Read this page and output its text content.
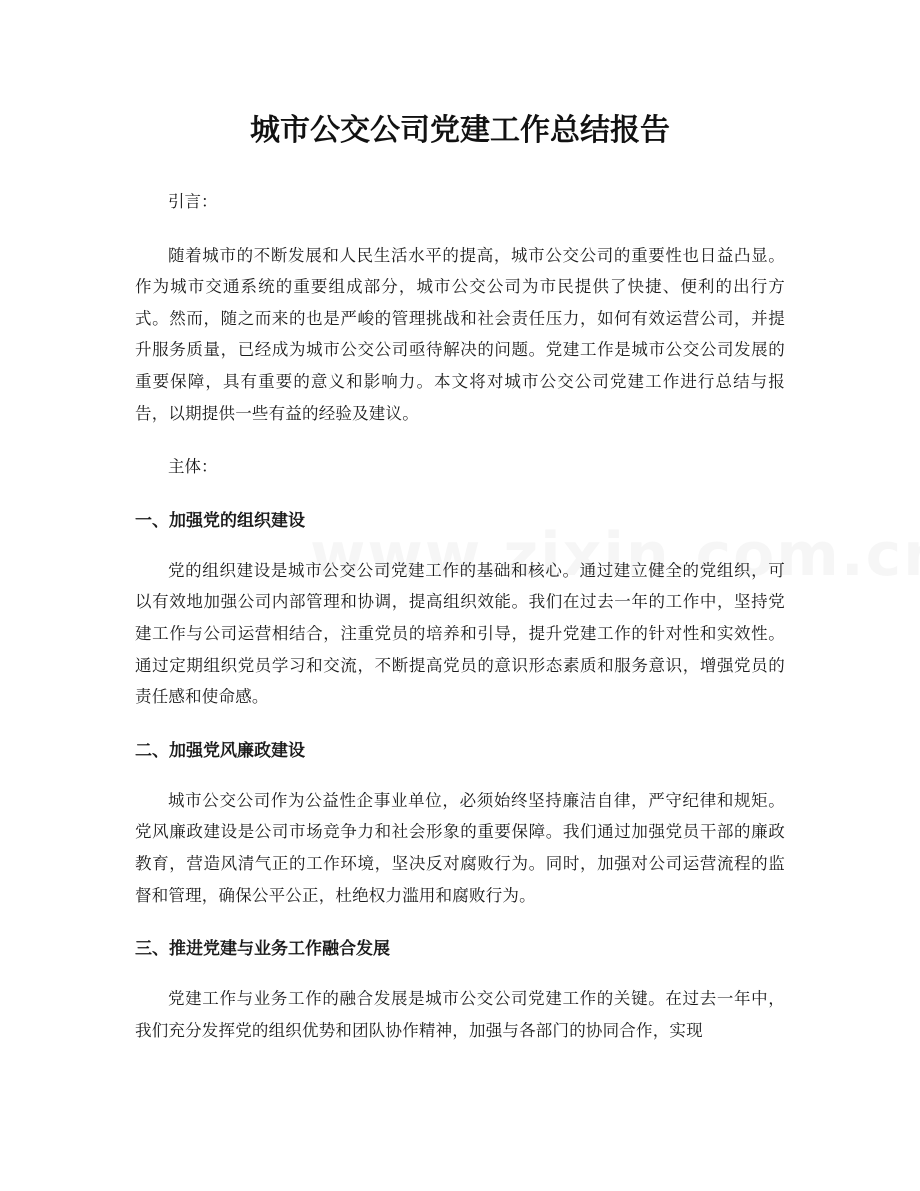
城市公交公司党建工作总结报告

引言：

随着城市的不断发展和人民生活水平的提高，城市公交公司的重要性也日益凸显。作为城市交通系统的重要组成部分，城市公交公司为市民提供了快捷、便利的出行方式。然而，随之而来的也是严峻的管理挑战和社会责任压力，如何有效运营公司，并提升服务质量，已经成为城市公交公司亟待解决的问题。党建工作是城市公交公司发展的重要保障，具有重要的意义和影响力。本文将对城市公交公司党建工作进行总结与报告，以期提供一些有益的经验及建议。

主体：

一、加强党的组织建设

党的组织建设是城市公交公司党建工作的基础和核心。通过建立健全的党组织，可以有效地加强公司内部管理和协调，提高组织效能。我们在过去一年的工作中，坚持党建工作与公司运营相结合，注重党员的培养和引导，提升党建工作的针对性和实效性。通过定期组织党员学习和交流，不断提高党员的意识形态素质和服务意识，增强党员的责任感和使命感。

二、加强党风廉政建设

城市公交公司作为公益性企事业单位，必须始终坚持廉洁自律，严守纪律和规矩。党风廉政建设是公司市场竞争力和社会形象的重要保障。我们通过加强党员干部的廉政教育，营造风清气正的工作环境，坚决反对腐败行为。同时，加强对公司运营流程的监督和管理，确保公平公正，杜绝权力滥用和腐败行为。

三、推进党建与业务工作融合发展

党建工作与业务工作的融合发展是城市公交公司党建工作的关键。在过去一年中，我们充分发挥党的组织优势和团队协作精神，加强与各部门的协同合作，实现
